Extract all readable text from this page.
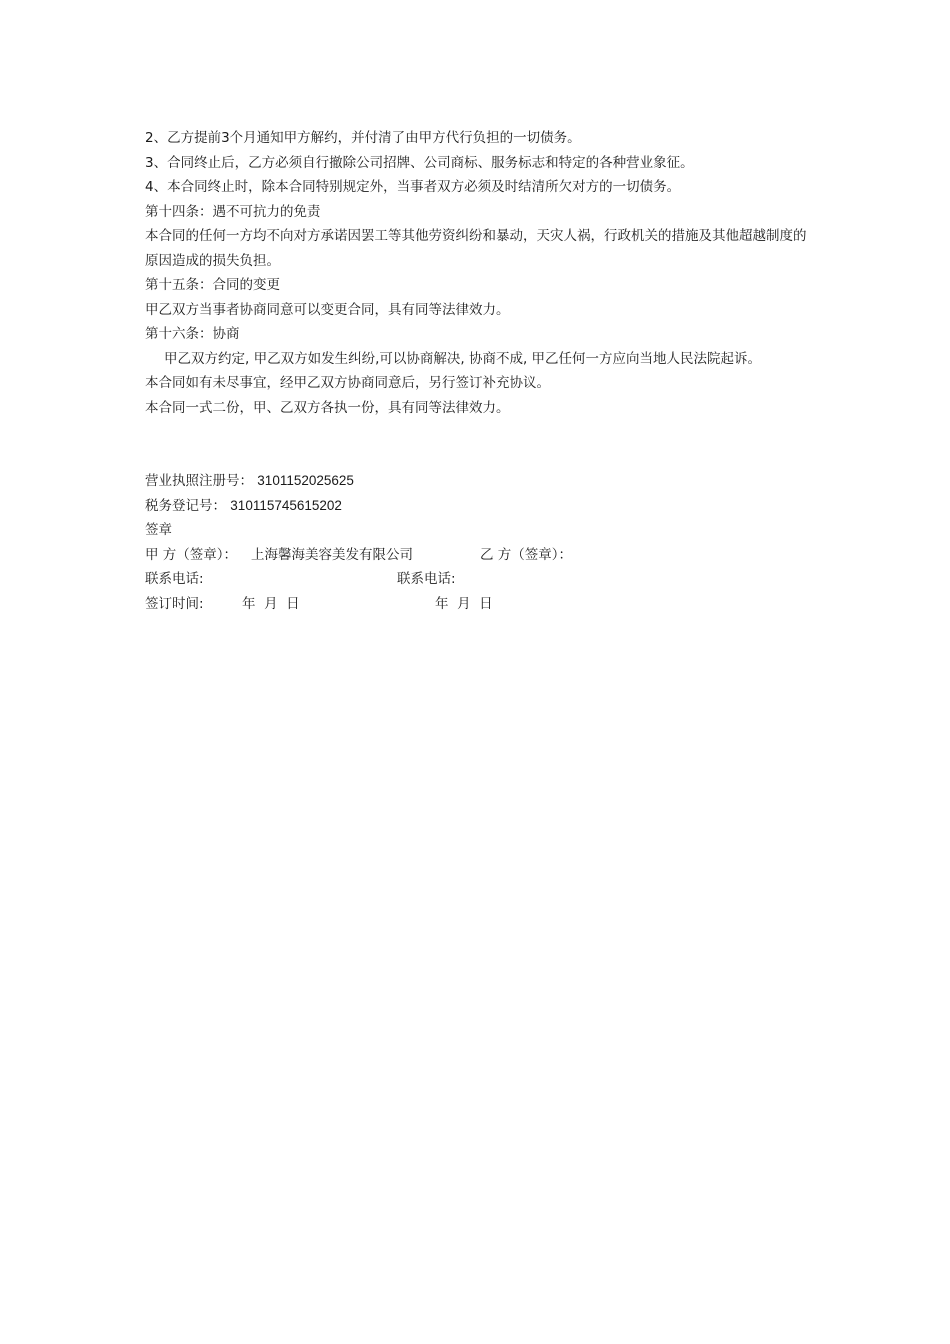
2、乙方提前3个月通知甲方解约，并付清了由甲方代行负担的一切债务。
3、合同终止后，乙方必须自行撤除公司招牌、公司商标、服务标志和特定的各种营业象征。
4、本合同终止时，除本合同特别规定外，当事者双方必须及时结清所欠对方的一切债务。
第十四条：遇不可抗力的免责
本合同的任何一方均不向对方承诺因罢工等其他劳资纠纷和暴动，天灾人祸，行政机关的措施及其他超越制度的原因造成的损失负担。
第十五条：合同的变更
甲乙双方当事者协商同意可以变更合同，具有同等法律效力。
第十六条：协商
甲乙双方约定, 甲乙双方如发生纠纷,可以协商解决, 协商不成, 甲乙任何一方应向当地人民法院起诉。
本合同如有未尽事宜，经甲乙双方协商同意后，另行签订补充协议。
本合同一式二份，甲、乙双方各执一份，具有同等法律效力。
营业执照注册号： 3101152025625
税务登记号： 310115745615202
签章
甲 方（签章）： 上海馨海美容美发有限公司	乙 方（签章）：
联系电话:	联系电话:
签订时间:	年  月  日	年  月  日
